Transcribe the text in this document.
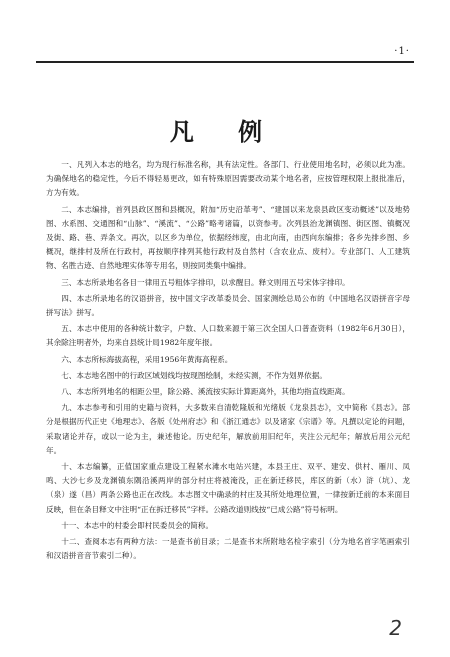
·1·
凡 例

一、凡列入本志的地名，均为现行标准名称，具有法定性。各部门、行业使用地名时，必须以此为准。为确保地名的稳定性，今后不得轻易更改，如有特殊原因需要改动某个地名者，应按管理权限上报批准后，方为有效。

二、本志编排，首列县政区图和县概况，附加“历史沿革考”、“建国以来龙泉县政区变动概述”以及地势图、水系图、交通图和“山脉”、“溪流”、“公路”略考诸篇，以资参考。次列县治龙渊镇图、街区图、镇概况及街、路、巷、弄条文。再次，以区乡为单位，依据经纬度，由北向南，由西向东编排；各乡先排乡图、乡概况，继排村及所在行政村，再按顺序排列其他行政村及自然村（含农业点、废村）。专业部门、人工建筑物、名胜古迹、自然地理实体等专用名，则按同类集中编排。

三、本志所录地名各目一律用五号粗体字排印，以求醒目。释文则用五号宋体字排印。

四、本志所录地名的汉语拼音，按中国文字改革委员会、国家测绘总局公布的《中国地名汉语拼音字母拼写法》拼写。

五、本志中使用的各种统计数字，户数、人口数来源于第三次全国人口普查资料（1982年6月30日），其余除注明者外，均来自县统计局1982年度年报。

六、本志所标海拔高程，采用1956年黄海高程系。

七、本志地名图中的行政区域划线均按现图绘制，未经实测，不作为划界依据。

八、本志所列地名的相距公里，除公路、溪流按实际计算距离外，其他均指直线距离。

九、本志参考和引用的史籍与资料，大多数来自清乾隆版和光绪版《龙泉县志》，文中简称《县志》。部分是根据历代正史《地理志》、各版《处州府志》和《浙江通志》以及诸家《宗谱》等。凡撰以定论的问题，采取诸论并存，或以一论为主，兼述他论。历史纪年，解放前用旧纪年，夹注公元纪年；解放后用公元纪年。

十、本志编纂，正值国家重点建设工程紧水滩水电站兴建，本县王庄、双平、建安、供村、雁川、凤鸣、大沙七乡及龙渊镇东隅沿溪两岸的部分村庄将被淹没，正在新迁移民，库区的新（水）浒（坑）、龙（泉）遂（昌）两条公路也正在改线。本志图文中确录的村庄及其所处地理位置，一律按新迁前的本来面目反映，但在条目释文中注明“正在拆迁移民”字样。公路改道则线按“已成公路”符号标明。

十一、本志中的村委会即村民委员会的简称。

十二、查阅本志有两种方法：一是查书前目录；二是查书末所附地名检字索引（分为地名首字笔画索引和汉语拼音音节索引二种）。

2
